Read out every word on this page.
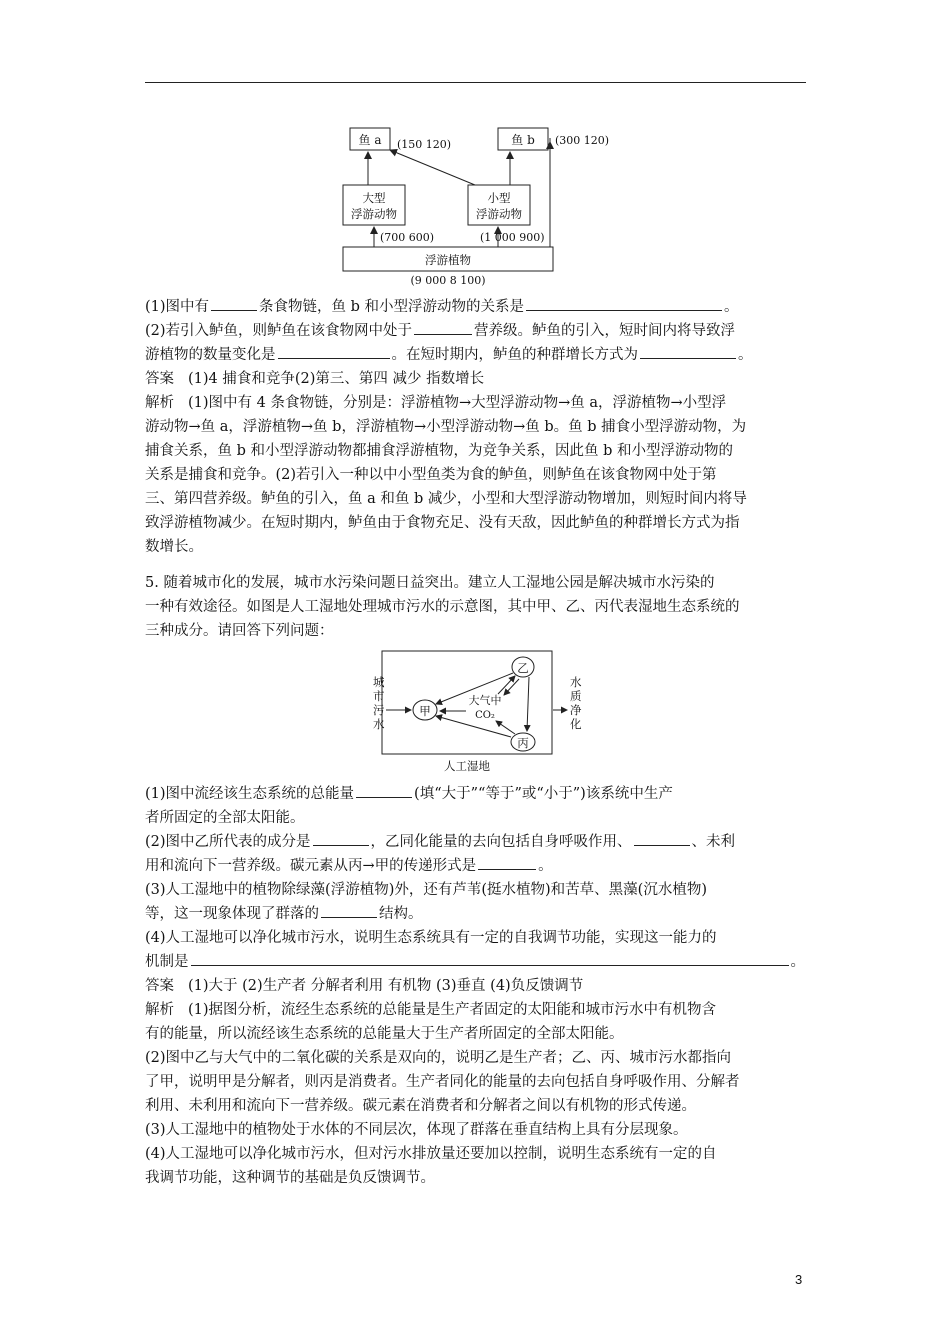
鱼 a (150 120)	鱼 b (300 120)
大型
浮游动物
小型
浮游动物
(700 600)	(1 000 900)
浮游植物
(9 000 8 100)
(1)图中有	条食物链，鱼 b 和小型浮游动物的关系是	。
(2)若引入鲈鱼，则鲈鱼在该食物网中处于	营养级。鲈鱼的引入，短时间内将导致浮
游植物的数量变化是	。在短时期内，鲈鱼的种群增长方式为	。
答案 (1)4 捕食和竞争(2)第三、第四 减少 指数增长
解析 (1)图中有 4 条食物链，分别是：浮游植物→大型浮游动物→鱼 a，浮游植物→小型浮
游动物→鱼 a，浮游植物→鱼 b，浮游植物→小型浮游动物→鱼 b。鱼 b 捕食小型浮游动物，为
捕食关系，鱼 b 和小型浮游动物都捕食浮游植物，为竞争关系，因此鱼 b 和小型浮游动物的
关系是捕食和竞争。(2)若引入一种以中小型鱼类为食的鲈鱼，则鲈鱼在该食物网中处于第
三、第四营养级。鲈鱼的引入，鱼 a 和鱼 b 减少，小型和大型浮游动物增加，则短时间内将导
致浮游植物减少。在短时期内，鲈鱼由于食物充足、没有天敌，因此鲈鱼的种群增长方式为指
数增长。
5. 随着城市化的发展，城市水污染问题日益突出。建立人工湿地公园是解决城市水污染的
一种有效途径。如图是人工湿地处理城市污水的示意图，其中甲、乙、丙代表湿地生态系统的
三种成分。请回答下列问题：
城
市
污
水
水
质
净
化
甲
乙
丙
大气中
CO₂
人工湿地
(1)图中流经该生态系统的总能量	(填“大于”“等于”或“小于”)该系统中生产
者所固定的全部太阳能。
(2)图中乙所代表的成分是	，乙同化能量的去向包括自身呼吸作用、	、未利
用和流向下一营养级。碳元素从丙→甲的传递形式是	。
(3)人工湿地中的植物除绿藻(浮游植物)外，还有芦苇(挺水植物)和苦草、黑藻(沉水植物)
等，这一现象体现了群落的	结构。
(4)人工湿地可以净化城市污水，说明生态系统具有一定的自我调节功能，实现这一能力的
机制是	。
答案 (1)大于 (2)生产者 分解者利用 有机物 (3)垂直 (4)负反馈调节
解析 (1)据图分析，流经生态系统的总能量是生产者固定的太阳能和城市污水中有机物含
有的能量，所以流经该生态系统的总能量大于生产者所固定的全部太阳能。
(2)图中乙与大气中的二氧化碳的关系是双向的，说明乙是生产者；乙、丙、城市污水都指向
了甲，说明甲是分解者，则丙是消费者。生产者同化的能量的去向包括自身呼吸作用、分解者
利用、未利用和流向下一营养级。碳元素在消费者和分解者之间以有机物的形式传递。
(3)人工湿地中的植物处于水体的不同层次，体现了群落在垂直结构上具有分层现象。
(4)人工湿地可以净化城市污水，但对污水排放量还要加以控制，说明生态系统有一定的自
我调节功能，这种调节的基础是负反馈调节。
3
